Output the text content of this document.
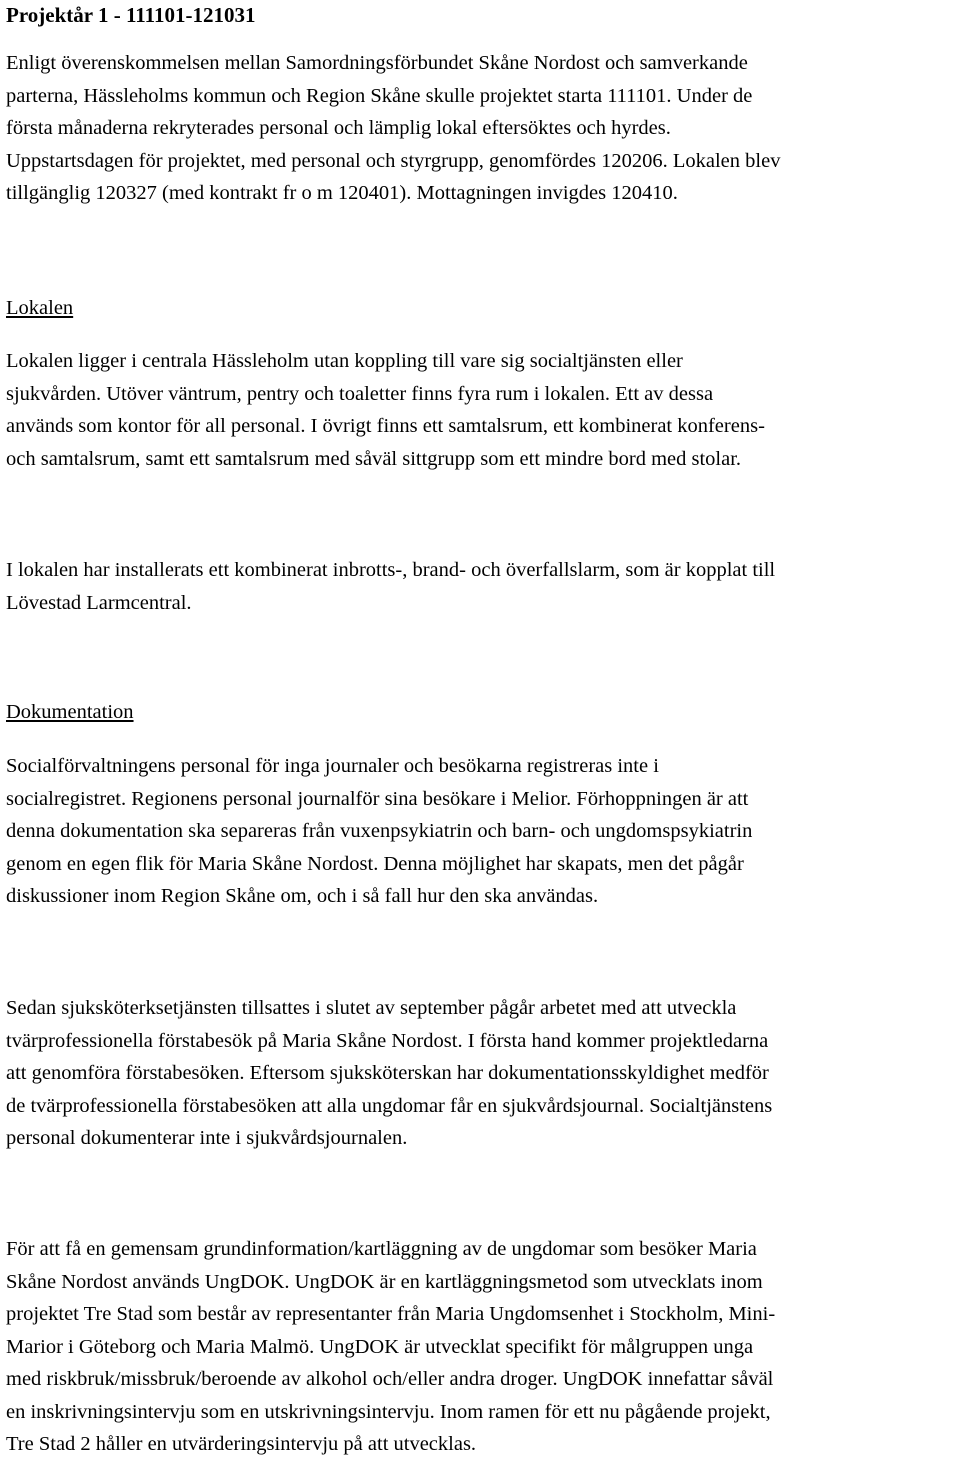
Projektår 1 - 111101-121031
Enligt överenskommelsen mellan Samordningsförbundet Skåne Nordost och samverkande
parterna, Hässleholms kommun och Region Skåne skulle projektet starta 111101. Under de
första månaderna rekryterades personal och lämplig lokal eftersöktes och hyrdes.
Uppstartsdagen för projektet, med personal och styrgrupp, genomfördes 120206. Lokalen blev
tillgänglig 120327 (med kontrakt fr o m 120401). Mottagningen invigdes 120410.
Lokalen
Lokalen ligger i centrala Hässleholm utan koppling till vare sig socialtjänsten eller
sjukvården. Utöver väntrum, pentry och toaletter finns fyra rum i lokalen. Ett av dessa
används som kontor för all personal. I övrigt finns ett samtalsrum, ett kombinerat konferens-
och samtalsrum, samt ett samtalsrum med såväl sittgrupp som ett mindre bord med stolar.
I lokalen har installerats ett kombinerat inbrotts-, brand- och överfallslarm, som är kopplat till
Lövestad Larmcentral.
Dokumentation
Socialförvaltningens personal för inga journaler och besökarna registreras inte i
socialregistret. Regionens personal journalför sina besökare i Melior. Förhoppningen är att
denna dokumentation ska separeras från vuxenpsykiatrin och barn- och ungdomspsykiatrin
genom en egen flik för Maria Skåne Nordost. Denna möjlighet har skapats, men det pågår
diskussioner inom Region Skåne om, och i så fall hur den ska användas.
Sedan sjuksköterksetjänsten tillsattes i slutet av september pågår arbetet med att utveckla
tvärprofessionella förstabesök på Maria Skåne Nordost. I första hand kommer projektledarna
att genomföra förstabesöken. Eftersom sjuksköterskan har dokumentationsskyldighet medför
de tvärprofessionella förstabesöken att alla ungdomar får en sjukvårdsjournal. Socialtjänstens
personal dokumenterar inte i sjukvårdsjournalen.
För att få en gemensam grundinformation/kartläggning av de ungdomar som besöker Maria
Skåne Nordost används UngDOK. UngDOK är en kartläggningsmetod som utvecklats inom
projektet Tre Stad som består av representanter från Maria Ungdomsenhet i Stockholm, Mini-
Marior i Göteborg och Maria Malmö. UngDOK är utvecklat specifikt för målgruppen unga
med riskbruk/missbruk/beroende av alkohol och/eller andra droger. UngDOK innefattar såväl
en inskrivningsintervju som en utskrivningsintervju. Inom ramen för ett nu pågående projekt,
Tre Stad 2 håller en utvärderingsintervju på att utvecklas.
